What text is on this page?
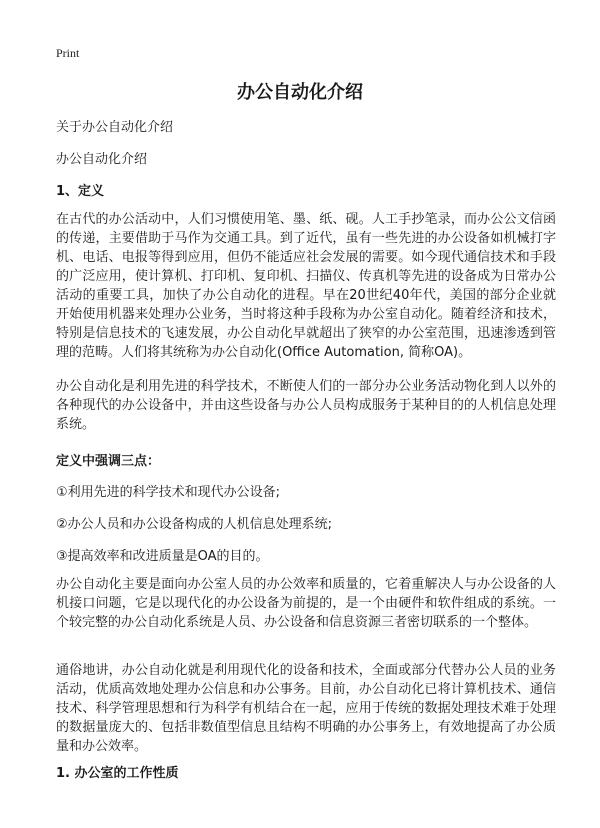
Print
办公自动化介绍

关于办公自动化介绍

办公自动化介绍

1、定义

在古代的办公活动中，人们习惯使用笔、墨、纸、砚。人工手抄笔录，而办公公文信函的传递，主要借助于马作为交通工具。到了近代，虽有一些先进的办公设备如机械打字机、电话、电报等得到应用，但仍不能适应社会发展的需要。如今现代通信技术和手段的广泛应用，使计算机、打印机、复印机、扫描仪、传真机等先进的设备成为日常办公活动的重要工具，加快了办公自动化的进程。早在20世纪40年代，美国的部分企业就开始使用机器来处理办公业务，当时将这种手段称为办公室自动化。随着经济和技术，特别是信息技术的飞速发展，办公自动化早就超出了狭窄的办公室范围，迅速渗透到管理的范畴。人们将其统称为办公自动化(Office Automation, 简称OA)。

办公自动化是利用先进的科学技术，不断使人们的一部分办公业务活动物化到人以外的各种现代的办公设备中，并由这些设备与办公人员构成服务于某种目的的人机信息处理系统。

定义中强调三点：

①利用先进的科学技术和现代办公设备;

②办公人员和办公设备构成的人机信息处理系统;

③提高效率和改进质量是OA的目的。

办公自动化主要是面向办公室人员的办公效率和质量的，它着重解决人与办公设备的人机接口问题，它是以现代化的办公设备为前提的，是一个由硬件和软件组成的系统。一个较完整的办公自动化系统是人员、办公设备和信息资源三者密切联系的一个整体。

通俗地讲，办公自动化就是利用现代化的设备和技术，全面或部分代替办公人员的业务活动，优质高效地处理办公信息和办公事务。目前，办公自动化已将计算机技术、通信技术、科学管理思想和行为科学有机结合在一起，应用于传统的数据处理技术难于处理的数据量庞大的、包括非数值型信息且结构不明确的办公事务上，有效地提高了办公质量和办公效率。

1. 办公室的工作性质
